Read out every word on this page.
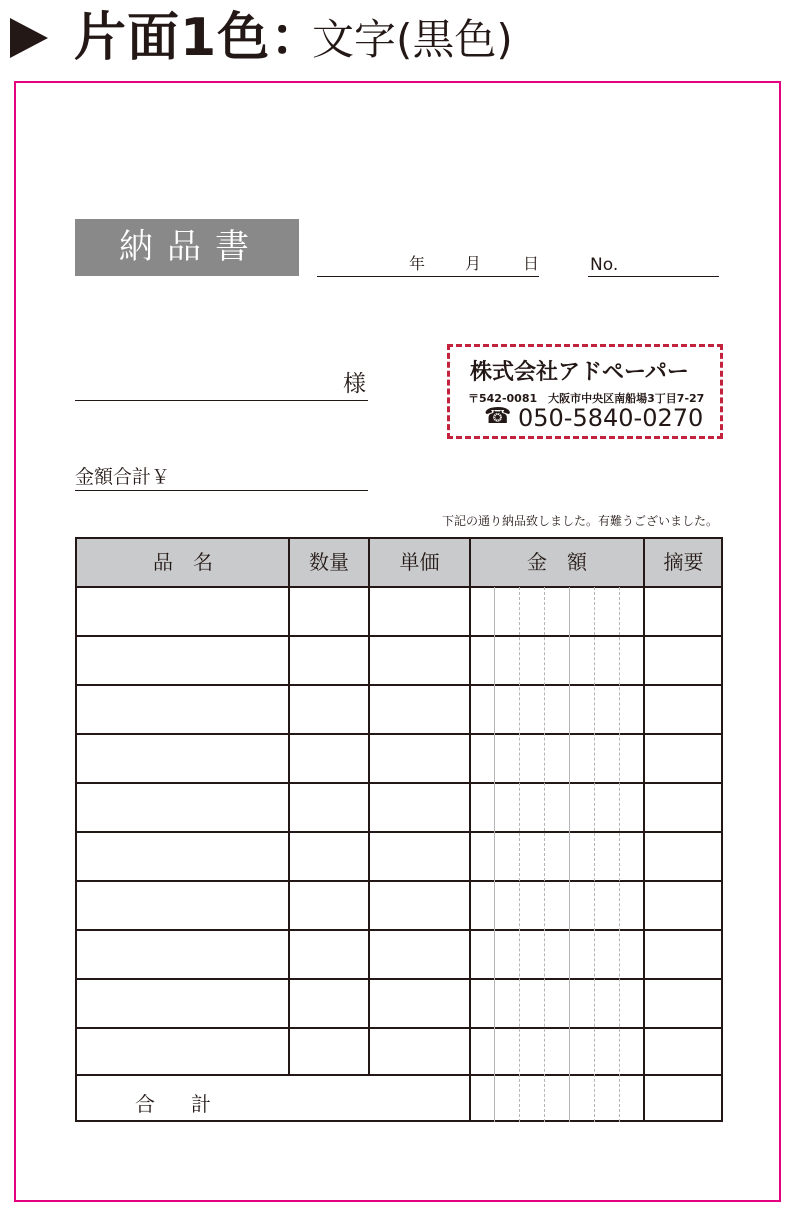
片面1色：
文字(黒色)
納品書	年 月	日	No.
様	株式会社アドペーパー
〒542-0081　大阪市中央区南船場3丁目7-27
☎ 050-5840-0270
金額合計￥
下記の通り納品致しました。有難うございました。
品　名	数量	単価	金　額	摘要
合計
